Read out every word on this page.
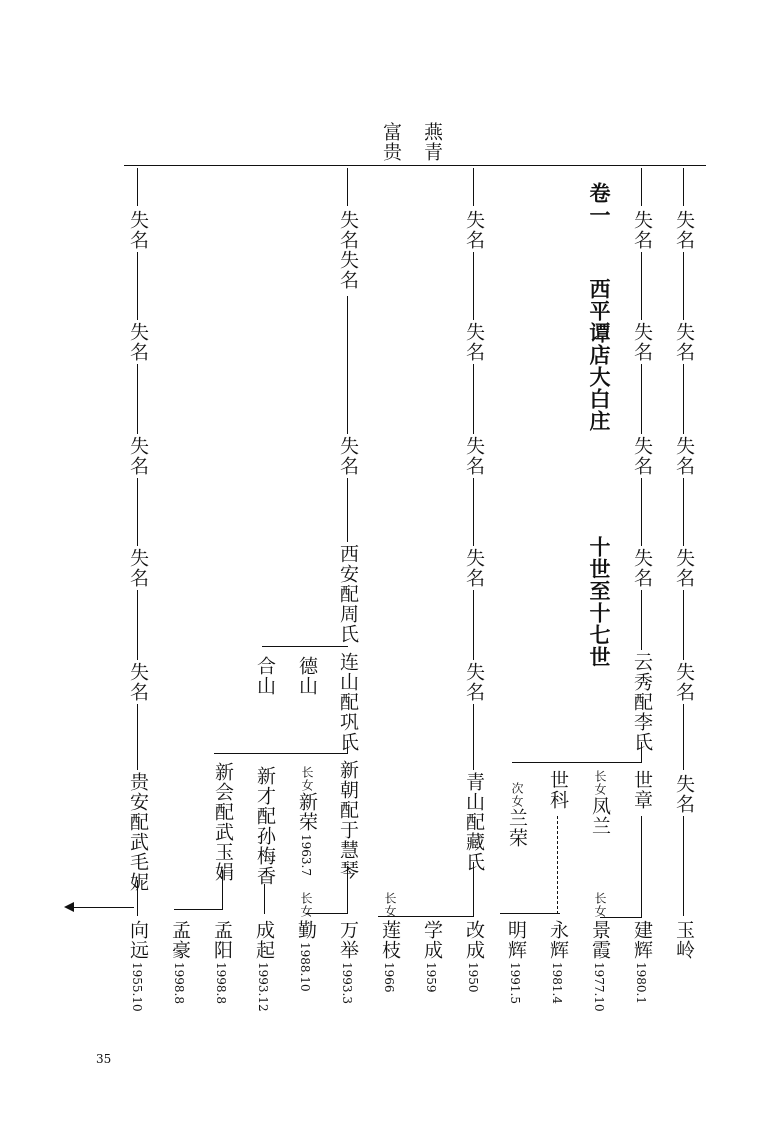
燕青
富贵
卷一  西平谭店大白庄    十世至十七世	失名
失名
失名
失名
失名
失名
失名
失名
失名
失名
云秀配李氏
世章
长女
凤兰
世科
次女
兰荣
失名
失名
失名
失名
失名
青山配藏氏
失名失名
失名
西安配周氏
连山配巩氏
德山
合山
新朝配于慧琴
长女
新荣
1963.7
新才配孙梅香
新会配武玉娟
失名
失名
失名
失名
失名
贵安配武毛妮
玉岭
建辉
1980.1
长女
景霞
1977.10
永辉
1981.4
明辉
1991.5
改成
1950
学成
1959
长女
莲枝
1966
万举
1993.3
长女
勤
1988.10
成起
1993.12
孟阳
1998.8
孟豪
1998.8
向远
1955.10
35
